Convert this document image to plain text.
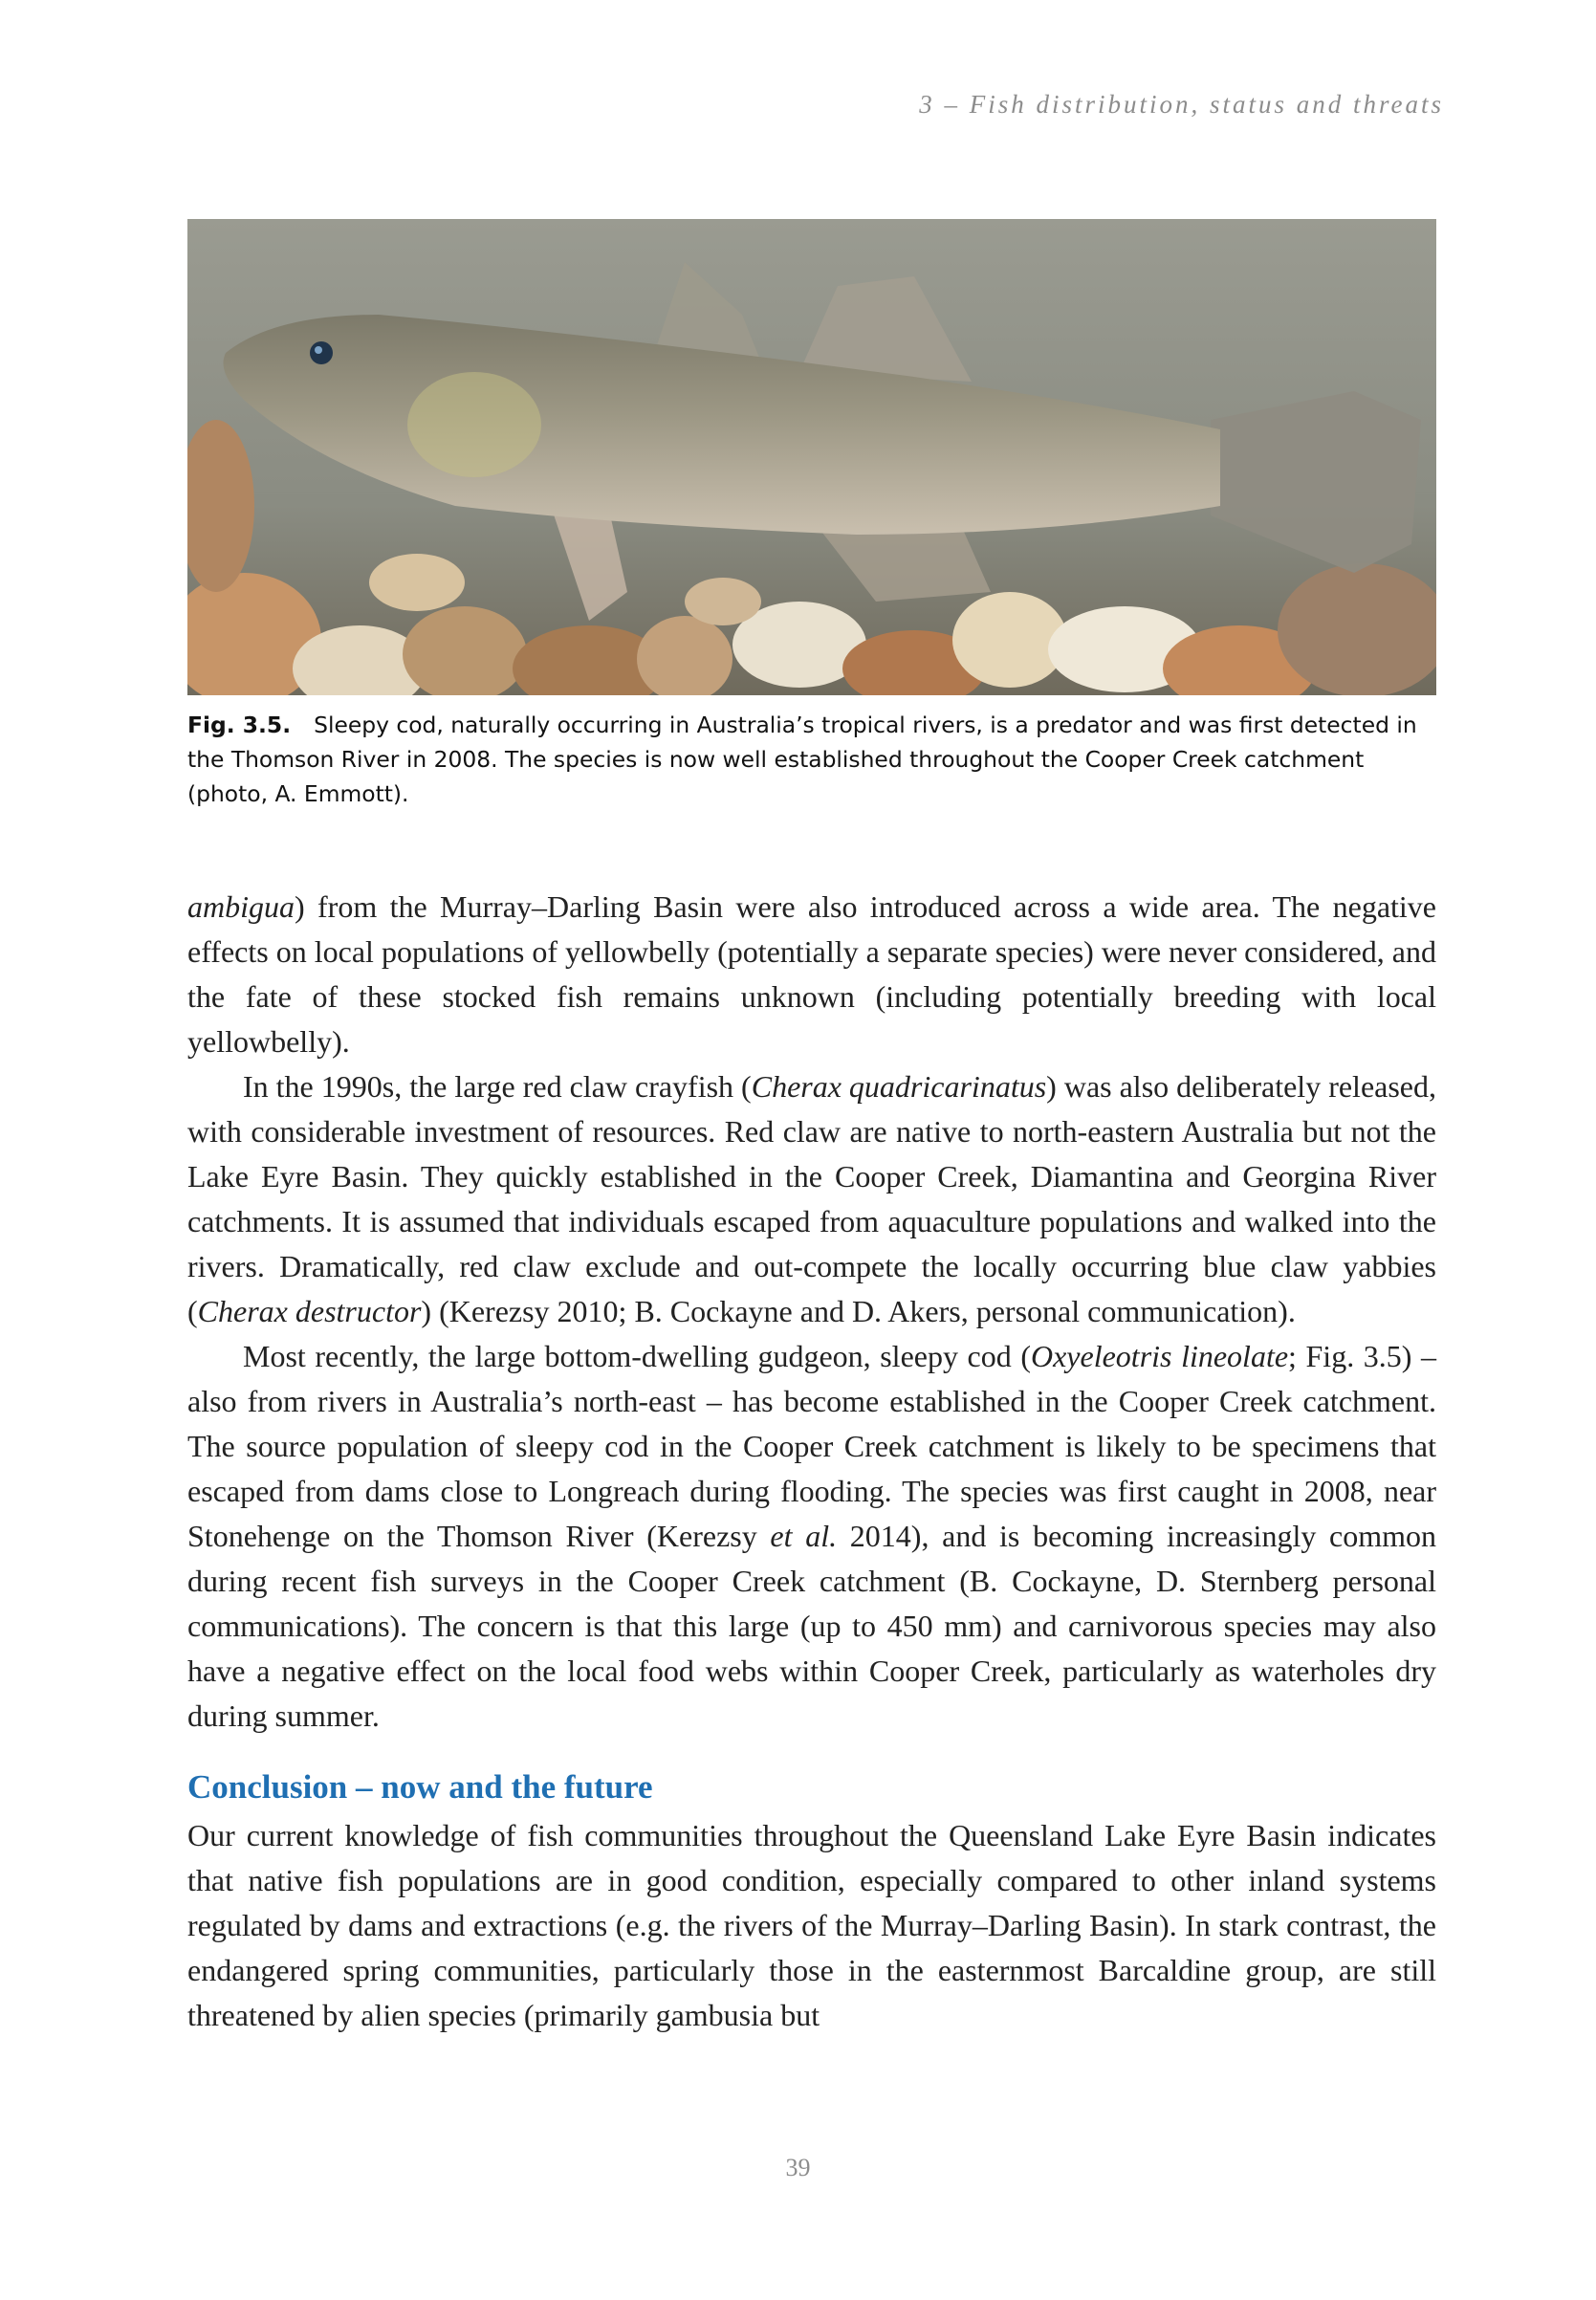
3 – Fish distribution, status and threats
Fig. 3.5. Sleepy cod, naturally occurring in Australia’s tropical rivers, is a predator and was first detected in the Thomson River in 2008. The species is now well established throughout the Cooper Creek catchment (photo, A. Emmott).

ambigua) from the Murray–Darling Basin were also introduced across a wide area. The negative effects on local populations of yellowbelly (potentially a separate species) were never considered, and the fate of these stocked fish remains unknown (including potentially breeding with local yellowbelly).

In the 1990s, the large red claw crayfish (Cherax quadricarinatus) was also deliberately released, with considerable investment of resources. Red claw are native to north-eastern Australia but not the Lake Eyre Basin. They quickly established in the Cooper Creek, Diamantina and Georgina River catchments. It is assumed that individuals escaped from aquaculture populations and walked into the rivers. Dramatically, red claw exclude and out-compete the locally occurring blue claw yabbies (Cherax destructor) (Kerezsy 2010; B. Cockayne and D. Akers, personal communication).

Most recently, the large bottom-dwelling gudgeon, sleepy cod (Oxyeleotris lineolate; Fig. 3.5) – also from rivers in Australia’s north-east – has become established in the Cooper Creek catchment. The source population of sleepy cod in the Cooper Creek catchment is likely to be specimens that escaped from dams close to Longreach during flooding. The species was first caught in 2008, near Stonehenge on the Thomson River (Kerezsy et al. 2014), and is becoming increasingly common during recent fish surveys in the Cooper Creek catchment (B. Cockayne, D. Sternberg personal communications). The concern is that this large (up to 450 mm) and carnivorous species may also have a negative effect on the local food webs within Cooper Creek, particularly as waterholes dry during summer.

Conclusion – now and the future

Our current knowledge of fish communities throughout the Queensland Lake Eyre Basin indicates that native fish populations are in good condition, especially compared to other inland systems regulated by dams and extractions (e.g. the rivers of the Murray–Darling Basin). In stark contrast, the endangered spring communities, particularly those in the easternmost Barcaldine group, are still threatened by alien species (primarily gambusia but

39
